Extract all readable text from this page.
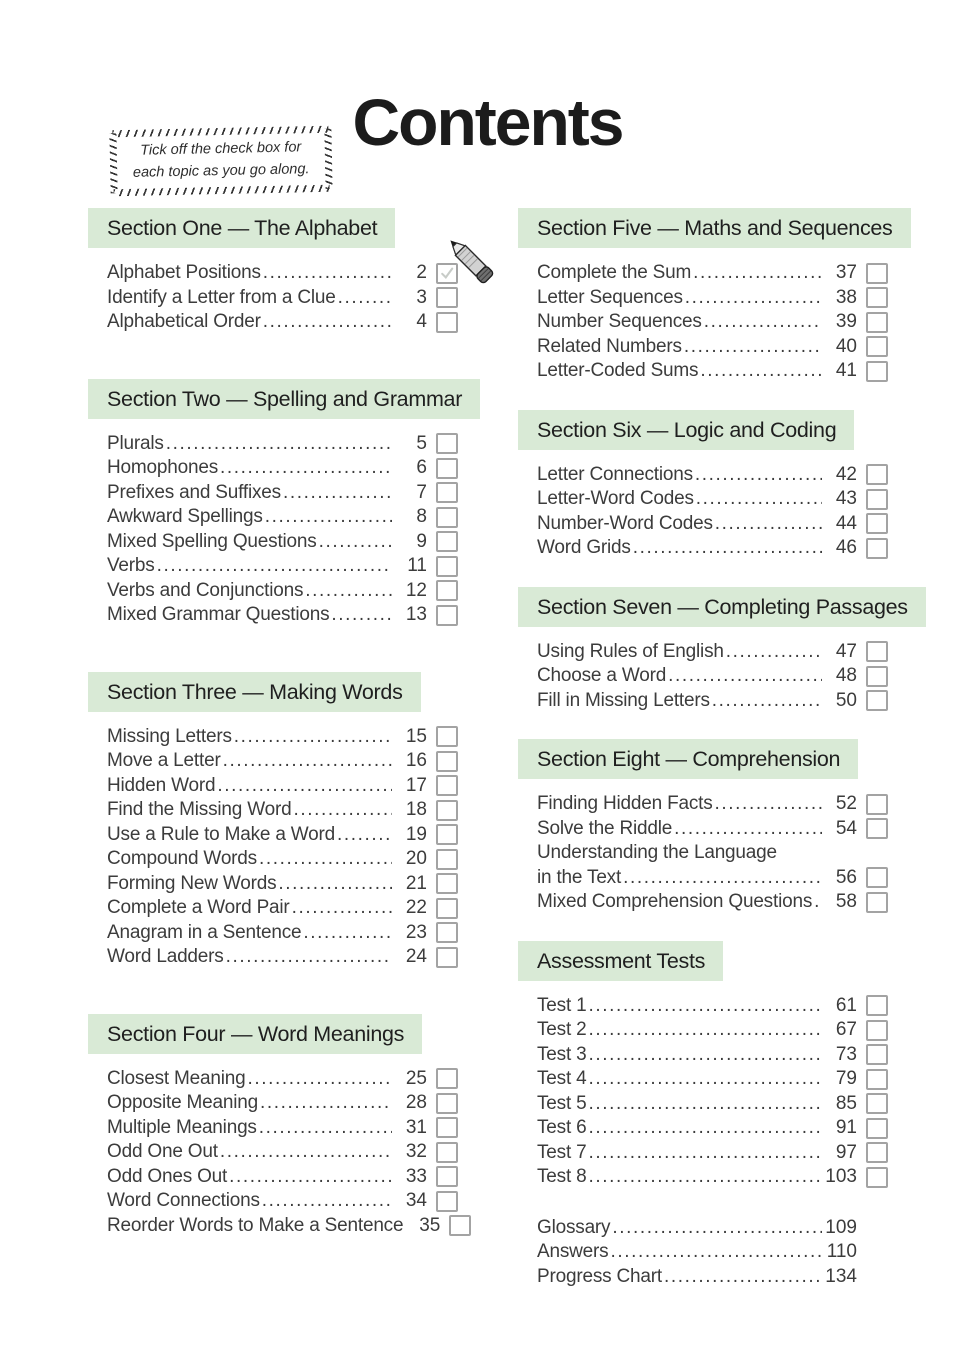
Contents
Tick off the check box for
each topic as you go along.
Section One — The Alphabet
Alphabet Positions .....	2
Identify a Letter from a Clue .....	3
Alphabetical Order .....	4
Section Two — Spelling and Grammar
Plurals .....	5
Homophones .....	6
Prefixes and Suffixes .....	7
Awkward Spellings .....	8
Mixed Spelling Questions .....	9
Verbs .....	11
Verbs and Conjunctions .....	12
Mixed Grammar Questions .....	13
Section Three — Making Words
Missing Letters .....	15
Move a Letter .....	16
Hidden Word .....	17
Find the Missing Word .....	18
Use a Rule to Make a Word .....	19
Compound Words .....	20
Forming New Words .....	21
Complete a Word Pair .....	22
Anagram in a Sentence .....	23
Word Ladders .....	24
Section Four — Word Meanings
Closest Meaning .....	25
Opposite Meaning .....	28
Multiple Meanings .....	31
Odd One Out .....	32
Odd Ones Out .....	33
Word Connections .....	34
Reorder Words to Make a Sentence 35
Section Five — Maths and Sequences
Complete the Sum .....	37
Letter Sequences .....	38
Number Sequences .....	39
Related Numbers .....	40
Letter-Coded Sums .....	41
Section Six — Logic and Coding
Letter Connections .....	42
Letter-Word Codes .....	43
Number-Word Codes .....	44
Word Grids .....	46
Section Seven — Completing Passages
Using Rules of English .....	47
Choose a Word .....	48
Fill in Missing Letters .....	50
Section Eight — Comprehension
Finding Hidden Facts .....	52
Solve the Riddle .....	54
Understanding the Language
in the Text .....	56
Mixed Comprehension Questions .....	58
Assessment Tests
Test 1 .....	61
Test 2 .....	67
Test 3 .....	73
Test 4 .....	79
Test 5 .....	85
Test 6 .....	91
Test 7 .....	97
Test 8 .....	103
Glossary .....	109
Answers .....	110
Progress Chart .....	134
